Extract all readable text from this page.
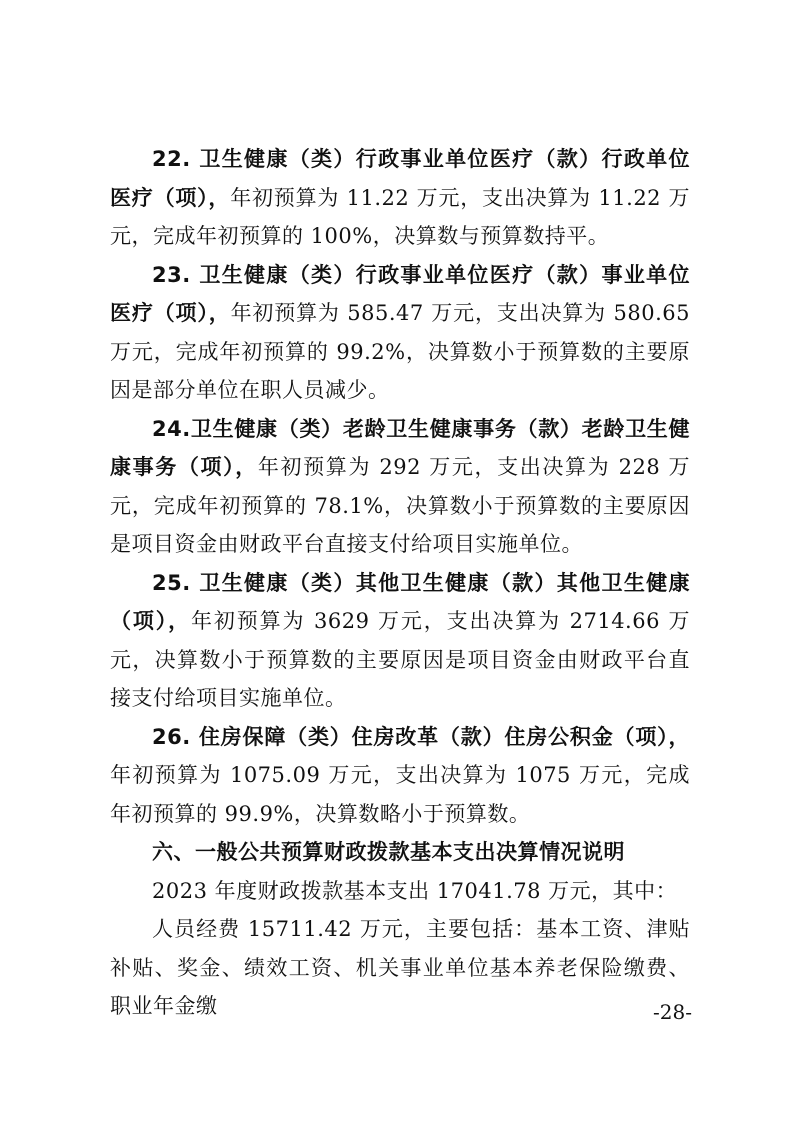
22. 卫生健康（类）行政事业单位医疗（款）行政单位医疗（项），年初预算为 11.22 万元，支出决算为 11.22 万元，完成年初预算的 100%，决算数与预算数持平。

23. 卫生健康（类）行政事业单位医疗（款）事业单位医疗（项），年初预算为 585.47 万元，支出决算为 580.65 万元，完成年初预算的 99.2%，决算数小于预算数的主要原因是部分单位在职人员减少。

24.卫生健康（类）老龄卫生健康事务（款）老龄卫生健康事务（项），年初预算为 292 万元，支出决算为 228 万元，完成年初预算的 78.1%，决算数小于预算数的主要原因是项目资金由财政平台直接支付给项目实施单位。

25. 卫生健康（类）其他卫生健康（款）其他卫生健康（项），年初预算为 3629 万元，支出决算为 2714.66 万元，决算数小于预算数的主要原因是项目资金由财政平台直接支付给项目实施单位。

26. 住房保障（类）住房改革（款）住房公积金（项），年初预算为 1075.09 万元，支出决算为 1075 万元，完成年初预算的 99.9%，决算数略小于预算数。

六、一般公共预算财政拨款基本支出决算情况说明

2023 年度财政拨款基本支出 17041.78 万元，其中：

人员经费 15711.42 万元，主要包括：基本工资、津贴补贴、奖金、绩效工资、机关事业单位基本养老保险缴费、职业年金缴	-28-
